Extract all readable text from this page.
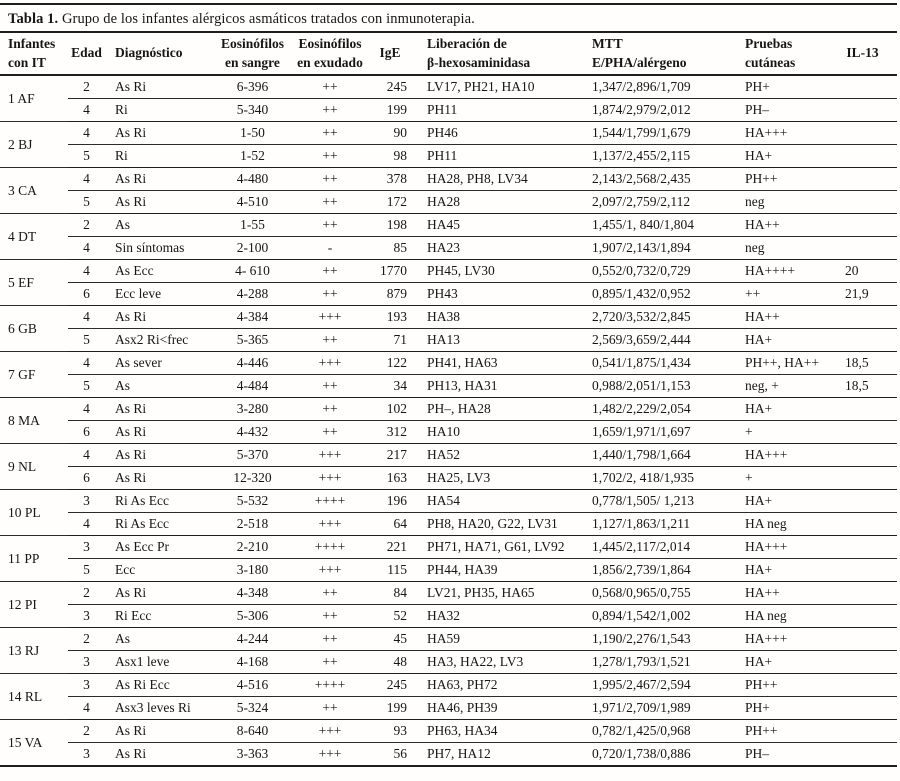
Tabla 1. Grupo de los infantes alérgicos asmáticos tratados con inmunoterapia.
Infantes
con IT	Edad	Diagnóstico	Eosinófilos
en sangre	Eosinófilos
en exudado	IgE	Liberación de
β-hexosaminidasa	MTT
E/PHA/alérgeno	Pruebas
cutáneas	IL-13
1 AF	2	As Ri	6-396	++	245	LV17, PH21, HA10	1,347/2,896/1,709	PH+	
	4	Ri	5-340	++	199	PH11	1,874/2,979/2,012	PH–	
2 BJ	4	As Ri	1-50	++	90	PH46	1,544/1,799/1,679	HA+++	
	5	Ri	1-52	++	98	PH11	1,137/2,455/2,115	HA+	
3 CA	4	As Ri	4-480	++	378	HA28, PH8, LV34	2,143/2,568/2,435	PH++	
	5	As Ri	4-510	++	172	HA28	2,097/2,759/2,112	neg	
4 DT	2	As	1-55	++	198	HA45	1,455/1, 840/1,804	HA++	
	4	Sin síntomas	2-100	-	85	HA23	1,907/2,143/1,894	neg	
5 EF	4	As Ecc	4- 610	++	1770	PH45, LV30	0,552/0,732/0,729	HA++++	20
	6	Ecc leve	4-288	++	879	PH43	0,895/1,432/0,952	++	21,9
6 GB	4	As Ri	4-384	+++	193	HA38	2,720/3,532/2,845	HA++	
	5	Asx2 Ri<frec	5-365	++	71	HA13	2,569/3,659/2,444	HA+	
7 GF	4	As sever	4-446	+++	122	PH41, HA63	0,541/1,875/1,434	PH++, HA++	18,5
	5	As	4-484	++	34	PH13, HA31	0,988/2,051/1,153	neg, +	18,5
8 MA	4	As Ri	3-280	++	102	PH–, HA28	1,482/2,229/2,054	HA+	
	6	As Ri	4-432	++	312	HA10	1,659/1,971/1,697	+	
9 NL	4	As Ri	5-370	+++	217	HA52	1,440/1,798/1,664	HA+++	
	6	As Ri	12-320	+++	163	HA25, LV3	1,702/2, 418/1,935	+	
10 PL	3	Ri As Ecc	5-532	++++	196	HA54	0,778/1,505/ 1,213	HA+	
	4	Ri As Ecc	2-518	+++	64	PH8, HA20, G22, LV31	1,127/1,863/1,211	HA neg	
11 PP	3	As Ecc Pr	2-210	++++	221	PH71, HA71, G61, LV92	1,445/2,117/2,014	HA+++	
	5	Ecc	3-180	+++	115	PH44, HA39	1,856/2,739/1,864	HA+	
12 PI	2	As Ri	4-348	++	84	LV21, PH35, HA65	0,568/0,965/0,755	HA++	
	3	Ri Ecc	5-306	++	52	HA32	0,894/1,542/1,002	HA neg	
13 RJ	2	As	4-244	++	45	HA59	1,190/2,276/1,543	HA+++	
	3	Asx1 leve	4-168	++	48	HA3, HA22, LV3	1,278/1,793/1,521	HA+	
14 RL	3	As Ri Ecc	4-516	++++	245	HA63, PH72	1,995/2,467/2,594	PH++	
	4	Asx3 leves Ri	5-324	++	199	HA46, PH39	1,971/2,709/1,989	PH+	
15 VA	2	As Ri	8-640	+++	93	PH63, HA34	0,782/1,425/0,968	PH++	
	3	As Ri	3-363	+++	56	PH7, HA12	0,720/1,738/0,886	PH–	
